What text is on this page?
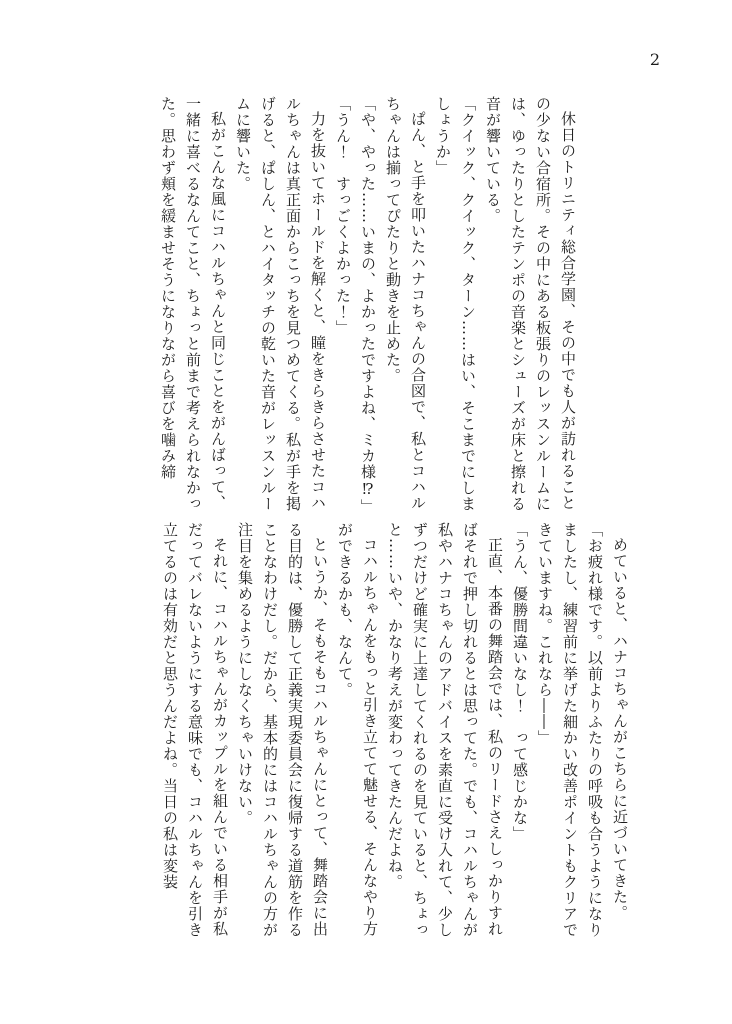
2

休日のトリニティ総合学園、その中でも人が訪れることの少ない合宿所。その中にある板張りのレッスンルームには、ゆったりとしたテンポの音楽とシューズが床と擦れる音が響いている。

「クイック、クイック、ターン……はい、そこまでにしましょうか」

ぱん、と手を叩いたハナコちゃんの合図で、私とコハルちゃんは揃ってぴたりと動きを止めた。

「や、やった……いまの、よかったですよね、ミカ様⁉」

「うん！　すっごくよかった！」

力を抜いてホールドを解くと、瞳をきらきらさせたコハルちゃんは真正面からこっちを見つめてくる。私が手を掲げると、ぱしん、とハイタッチの乾いた音がレッスンルームに響いた。

私がこんな風にコハルちゃんと同じことをがんばって、一緒に喜べるなんてこと、ちょっと前まで考えられなかった。思わず頬を緩ませそうになりながら喜びを噛み締

めていると、ハナコちゃんがこちらに近づいてきた。

「お疲れ様です。以前よりふたりの呼吸も合うようになりましたし、練習前に挙げた細かい改善ポイントもクリアできていますね。これなら――」

「うん、優勝間違いなし！　って感じかな」

正直、本番の舞踏会では、私のリードさえしっかりすればそれで押し切れるとは思ってた。でも、コハルちゃんが私やハナコちゃんのアドバイスを素直に受け入れて、少しずつだけど確実に上達してくれるのを見ていると、ちょっと……いや、かなり考えが変わってきたんだよね。

コハルちゃんをもっと引き立てて魅せる、そんなやり方ができるかも、なんて。

というか、そもそもコハルちゃんにとって、舞踏会に出る目的は、優勝して正義実現委員会に復帰する道筋を作ることなわけだし。だから、基本的にはコハルちゃんの方が注目を集めるようにしなくちゃいけない。

それに、コハルちゃんがカップルを組んでいる相手が私だってバレないようにする意味でも、コハルちゃんを引き立てるのは有効だと思うんだよね。当日の私は変装
